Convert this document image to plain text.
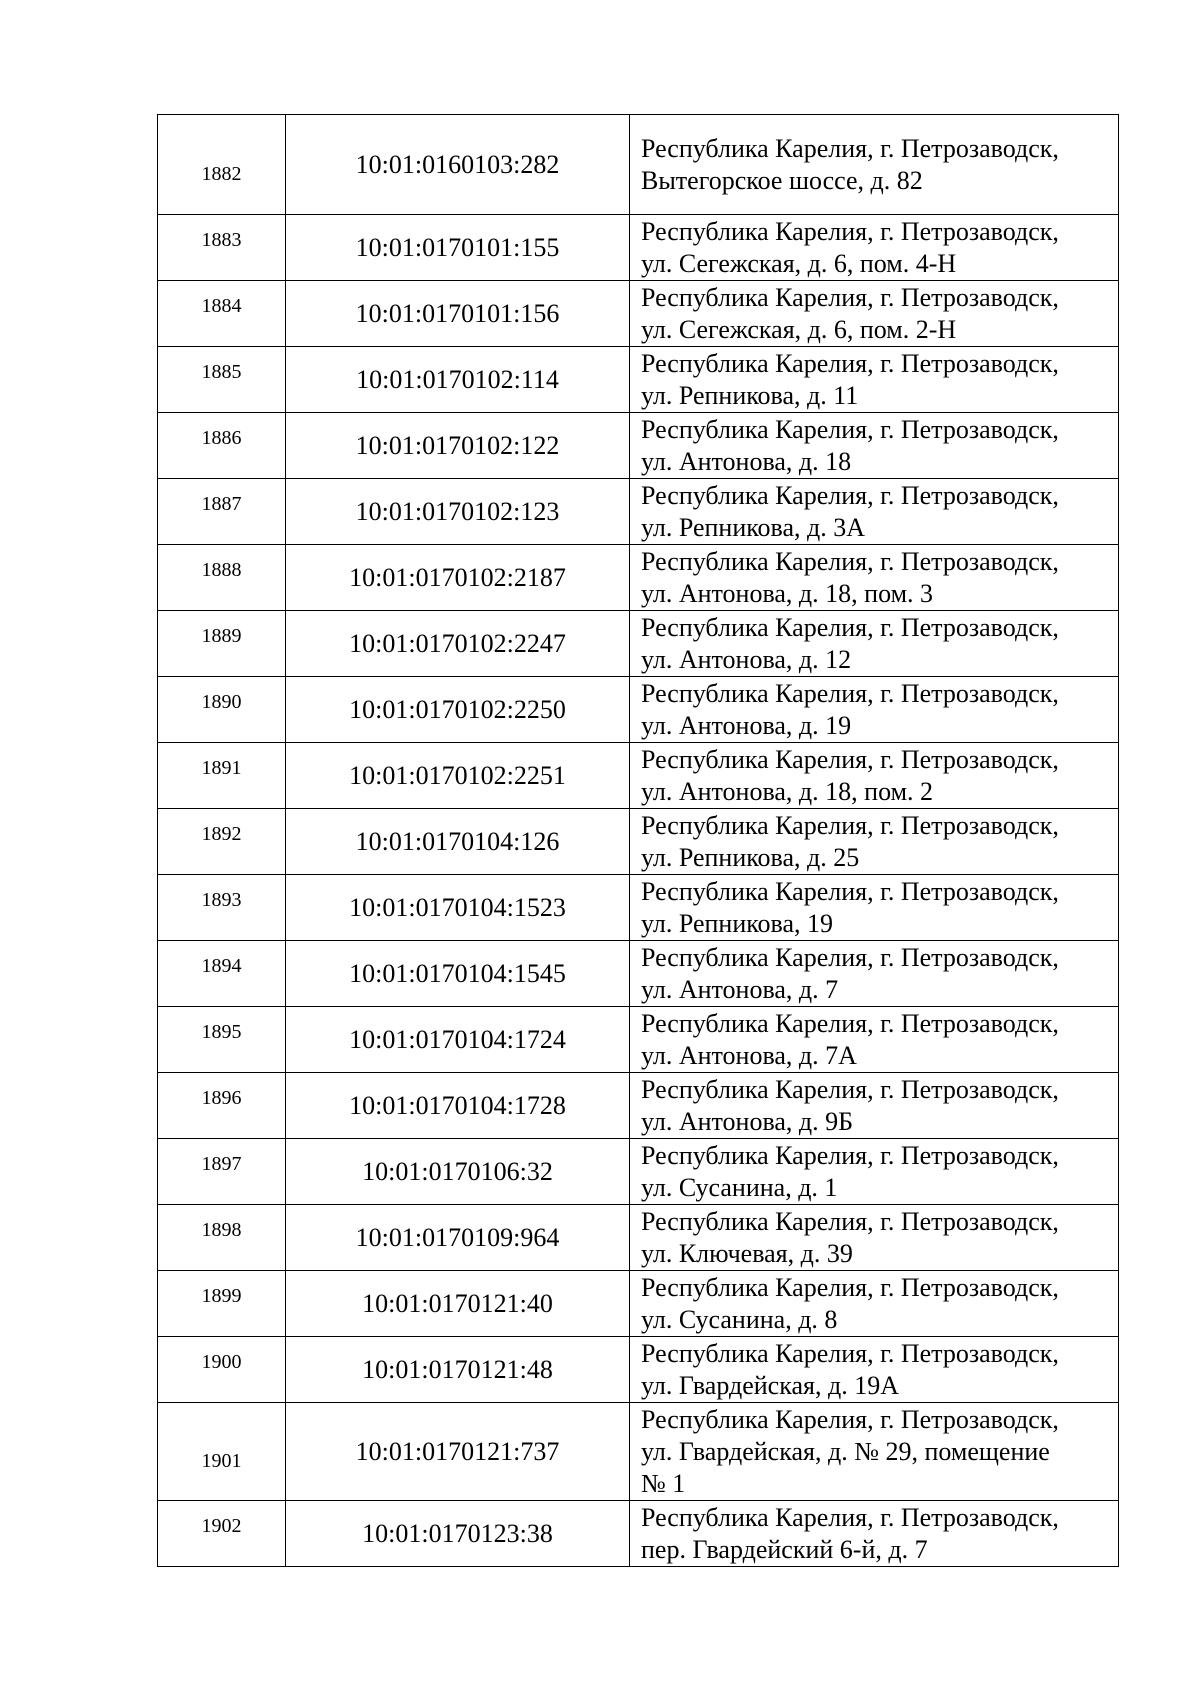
1882	10:01:0160103:282	Республика Карелия, г. Петрозаводск,
Вытегорское шоссе, д. 82
1883	10:01:0170101:155	Республика Карелия, г. Петрозаводск,
ул. Сегежская, д. 6, пом. 4-Н
1884	10:01:0170101:156	Республика Карелия, г. Петрозаводск,
ул. Сегежская, д. 6, пом. 2-Н
1885	10:01:0170102:114	Республика Карелия, г. Петрозаводск,
ул. Репникова, д. 11
1886	10:01:0170102:122	Республика Карелия, г. Петрозаводск,
ул. Антонова, д. 18
1887	10:01:0170102:123	Республика Карелия, г. Петрозаводск,
ул. Репникова, д. 3А
1888	10:01:0170102:2187	Республика Карелия, г. Петрозаводск,
ул. Антонова, д. 18, пом. 3
1889	10:01:0170102:2247	Республика Карелия, г. Петрозаводск,
ул. Антонова, д. 12
1890	10:01:0170102:2250	Республика Карелия, г. Петрозаводск,
ул. Антонова, д. 19
1891	10:01:0170102:2251	Республика Карелия, г. Петрозаводск,
ул. Антонова, д. 18, пом. 2
1892	10:01:0170104:126	Республика Карелия, г. Петрозаводск,
ул. Репникова, д. 25
1893	10:01:0170104:1523	Республика Карелия, г. Петрозаводск,
ул. Репникова, 19
1894	10:01:0170104:1545	Республика Карелия, г. Петрозаводск,
ул. Антонова, д. 7
1895	10:01:0170104:1724	Республика Карелия, г. Петрозаводск,
ул. Антонова, д. 7А
1896	10:01:0170104:1728	Республика Карелия, г. Петрозаводск,
ул. Антонова, д. 9Б
1897	10:01:0170106:32	Республика Карелия, г. Петрозаводск,
ул. Сусанина, д. 1
1898	10:01:0170109:964	Республика Карелия, г. Петрозаводск,
ул. Ключевая, д. 39
1899	10:01:0170121:40	Республика Карелия, г. Петрозаводск,
ул. Сусанина, д. 8
1900	10:01:0170121:48	Республика Карелия, г. Петрозаводск,
ул. Гвардейская, д. 19А
1901	10:01:0170121:737	Республика Карелия, г. Петрозаводск,
ул. Гвардейская, д. № 29, помещение
№ 1
1902	10:01:0170123:38	Республика Карелия, г. Петрозаводск,
пер. Гвардейский 6-й, д. 7
